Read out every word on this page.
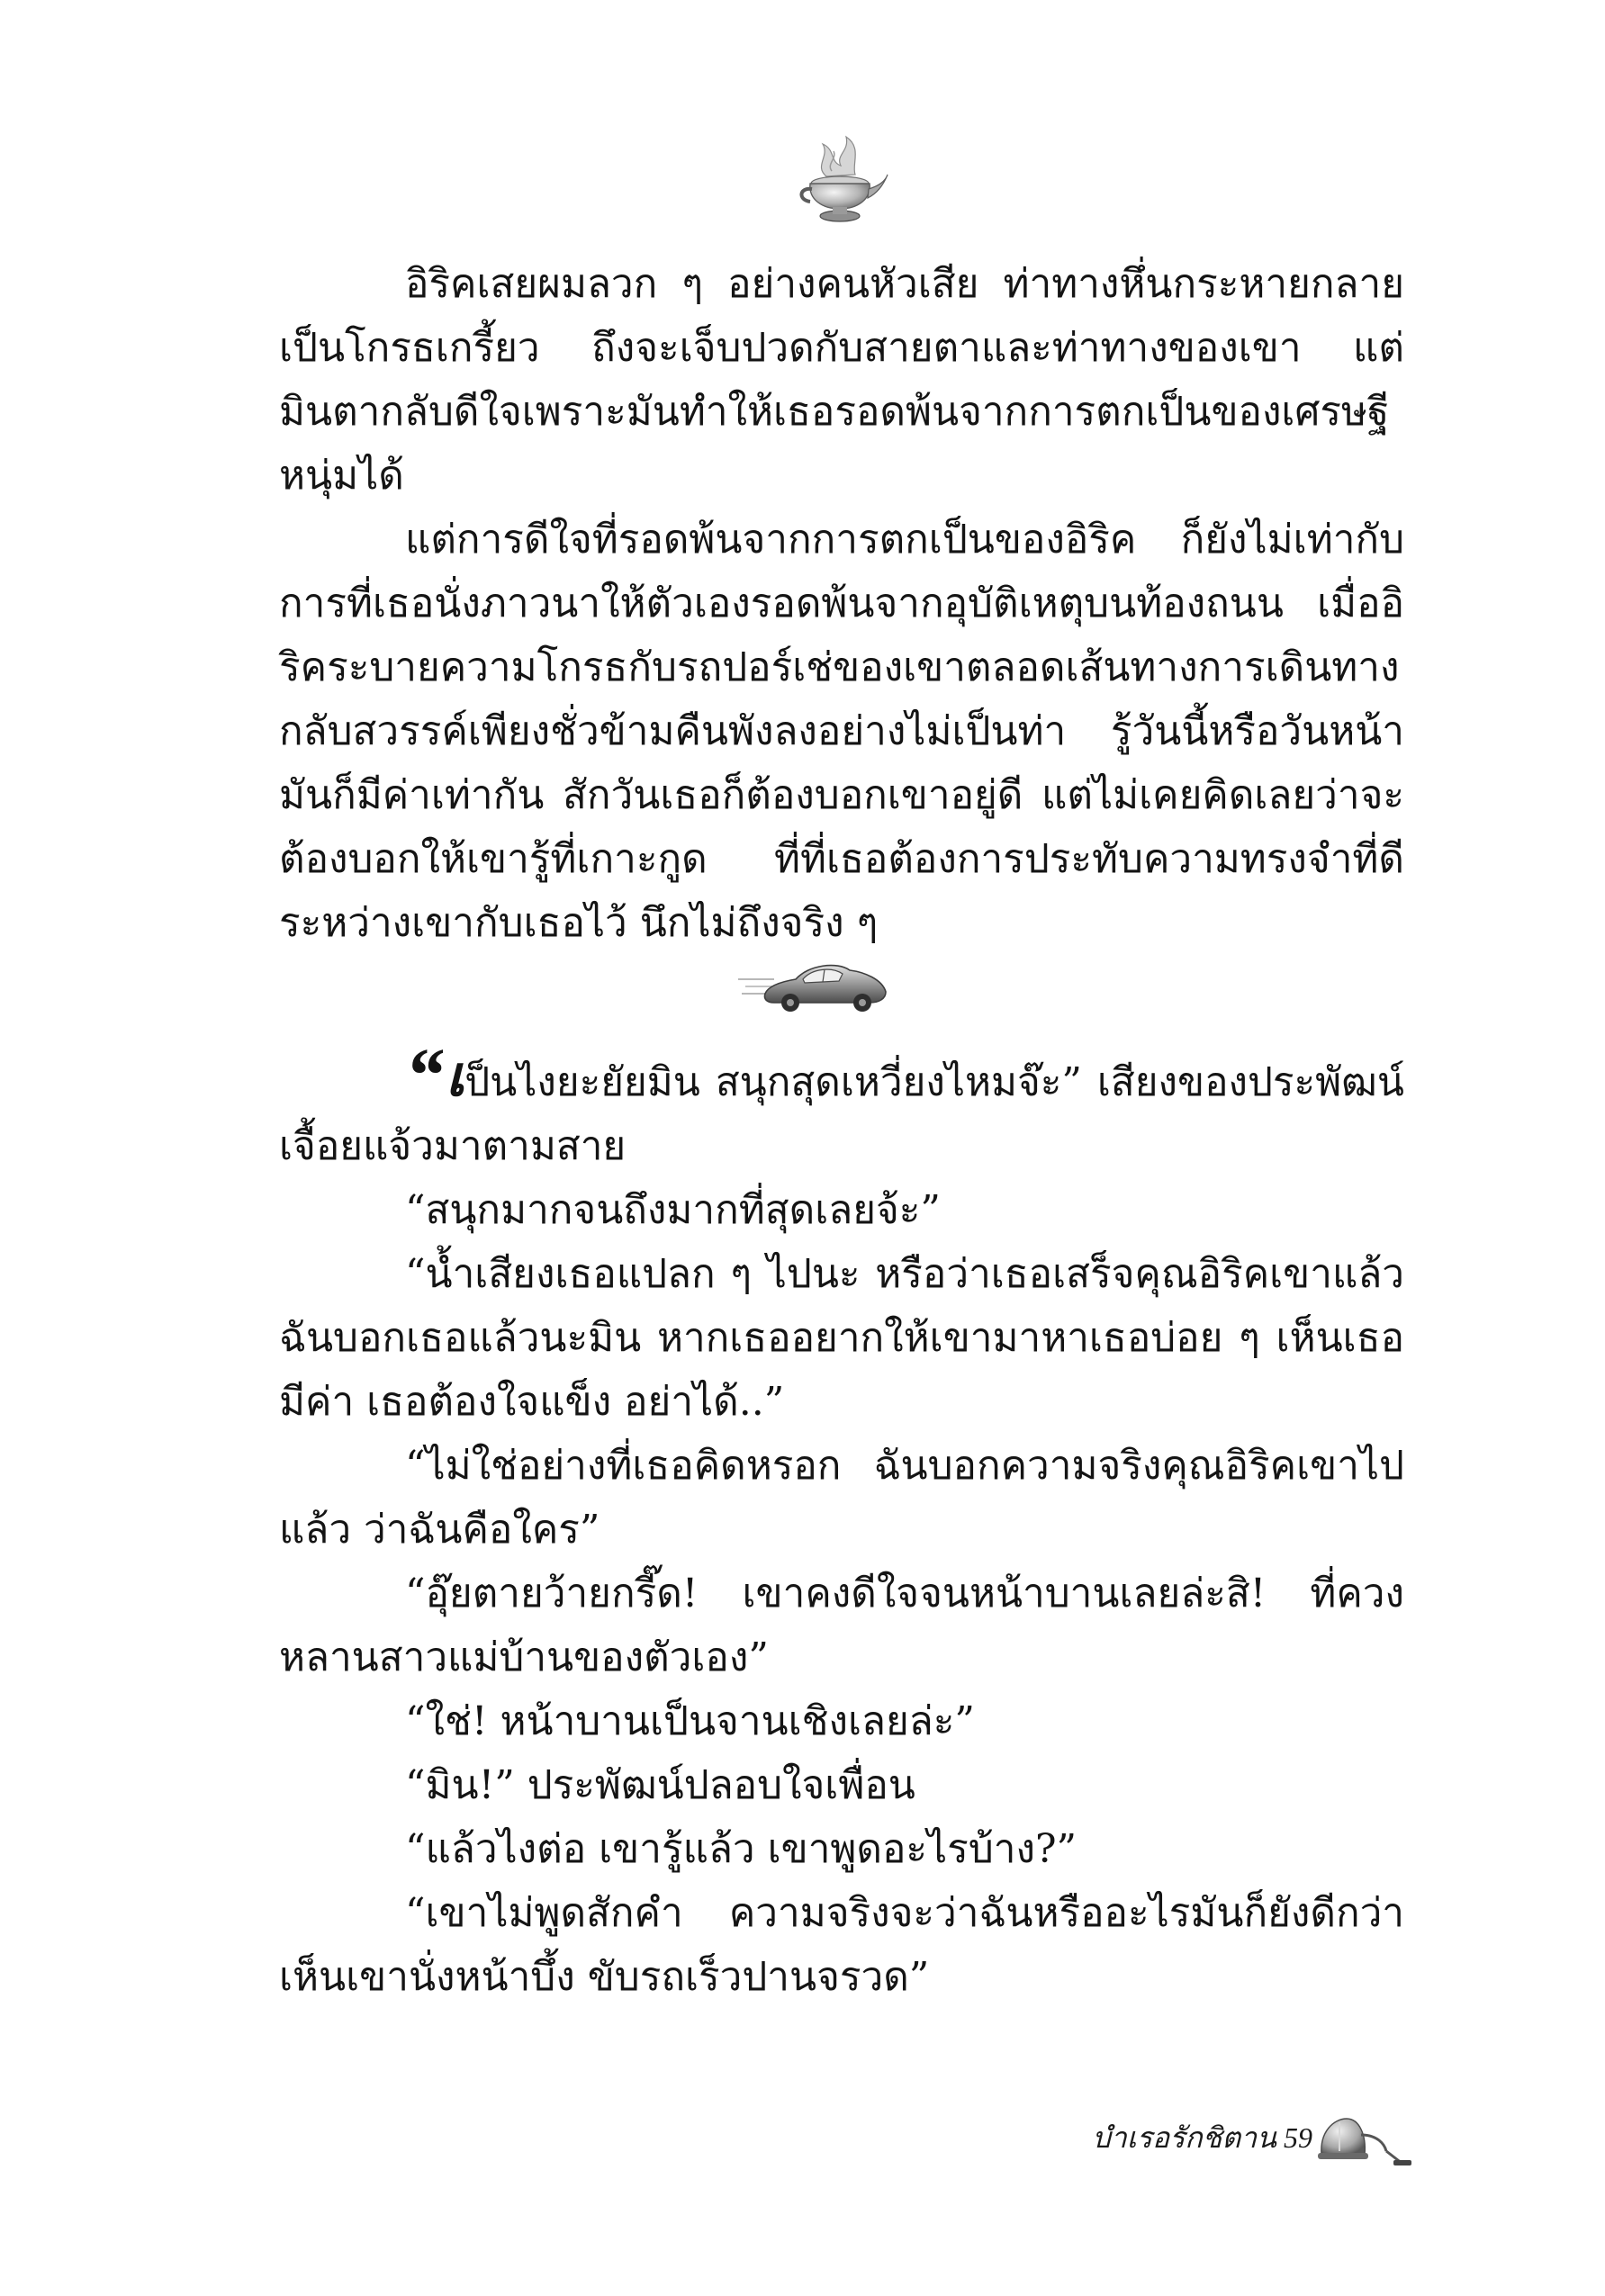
อิริคเสยผมลวก ๆ อย่างคนหัวเสีย ท่าทางหึ่นกระหายกลายเป็นโกรธเกรี้ยว ถึงจะเจ็บปวดกับสายตาและท่าทางของเขา แต่มินตากลับดีใจเพราะมันทำให้เธอรอดพ้นจากการตกเป็นของเศรษฐีหนุ่มได้

แต่การดีใจที่รอดพ้นจากการตกเป็นของอิริค ก็ยังไม่เท่ากับการที่เธอนั่งภาวนาให้ตัวเองรอดพ้นจากอุบัติเหตุบนท้องถนน เมื่ออิริคระบายความโกรธกับรถปอร์เช่ของเขาตลอดเส้นทางการเดินทางกลับสวรรค์เพียงชั่วข้ามคืนพังลงอย่างไม่เป็นท่า รู้วันนี้หรือวันหน้ามันก็มีค่าเท่ากัน สักวันเธอก็ต้องบอกเขาอยู่ดี แต่ไม่เคยคิดเลยว่าจะต้องบอกให้เขารู้ที่เกาะกูด ที่ที่เธอต้องการประทับความทรงจำที่ดีระหว่างเขากับเธอไว้ นึกไม่ถึงจริง ๆ

“เป็นไงยะยัยมิน สนุกสุดเหวี่ยงไหมจ๊ะ” เสียงของประพัฒน์เจื้อยแจ้วมาตามสาย

“สนุกมากจนถึงมากที่สุดเลยจ้ะ”

“น้ำเสียงเธอแปลก ๆ ไปนะ หรือว่าเธอเสร็จคุณอิริคเขาแล้ว ฉันบอกเธอแล้วนะมิน หากเธออยากให้เขามาหาเธอบ่อย ๆ เห็นเธอมีค่า เธอต้องใจแข็ง อย่าได้..”

“ไม่ใช่อย่างที่เธอคิดหรอก ฉันบอกความจริงคุณอิริคเขาไปแล้ว ว่าฉันคือใคร”

“อุ๊ยตายว้ายกรี๊ด! เขาคงดีใจจนหน้าบานเลยล่ะสิ! ที่ควงหลานสาวแม่บ้านของตัวเอง”

“ใช่! หน้าบานเป็นจานเชิงเลยล่ะ”

“มิน!” ประพัฒน์ปลอบใจเพื่อน

“แล้วไงต่อ เขารู้แล้ว เขาพูดอะไรบ้าง?”

“เขาไม่พูดสักคำ ความจริงจะว่าฉันหรืออะไรมันก็ยังดีกว่าเห็นเขานั่งหน้าบึ้ง ขับรถเร็วปานจรวด”

บำเรอรักชิตาน 59
